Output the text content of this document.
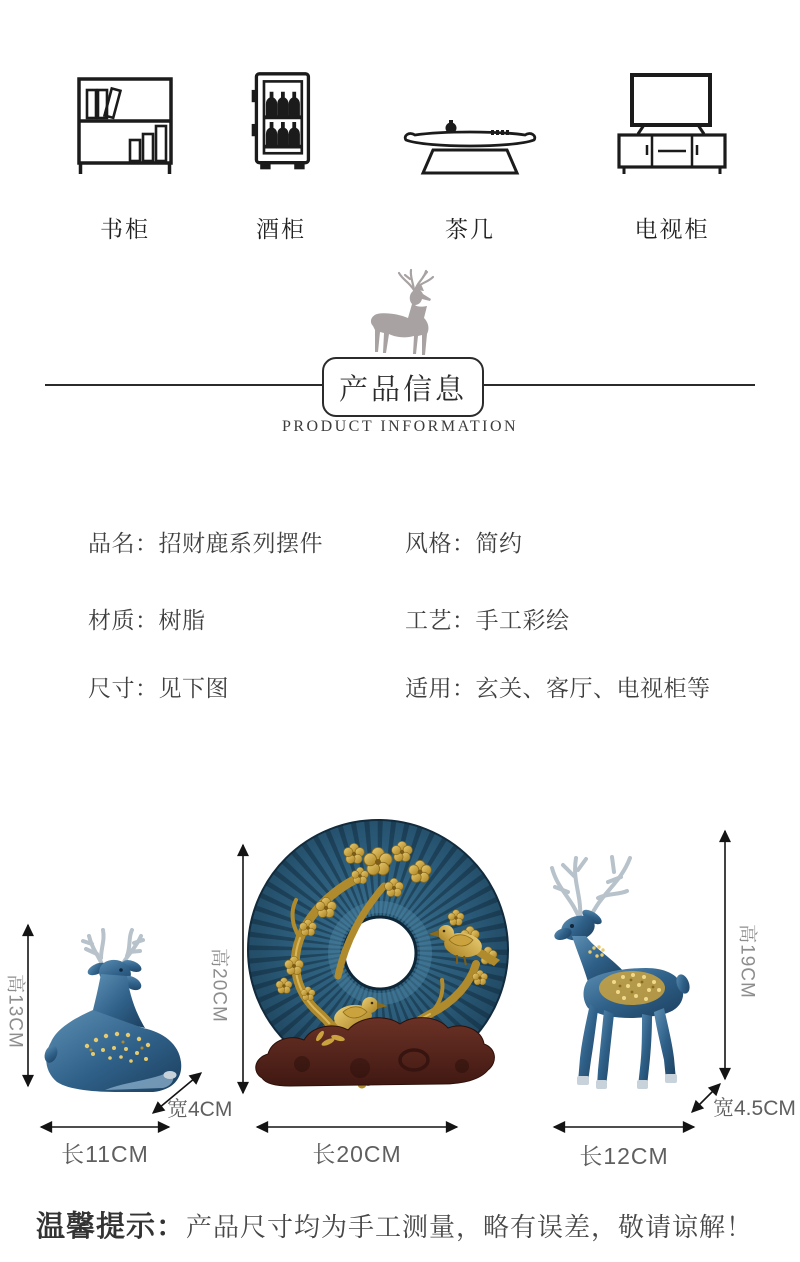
书柜	酒柜	茶几	电视柜
产品信息
PRODUCT INFORMATION
品名：招财鹿系列摆件	风格：简约
材质：树脂	工艺：手工彩绘
尺寸：见下图	适用：玄关、客厅、电视柜等
高13CM
宽4CM
长11CM
高20CM
长20CM
高19CM
宽4.5CM
长12CM
温馨提示：产品尺寸均为手工测量，略有误差，敬请谅解！
